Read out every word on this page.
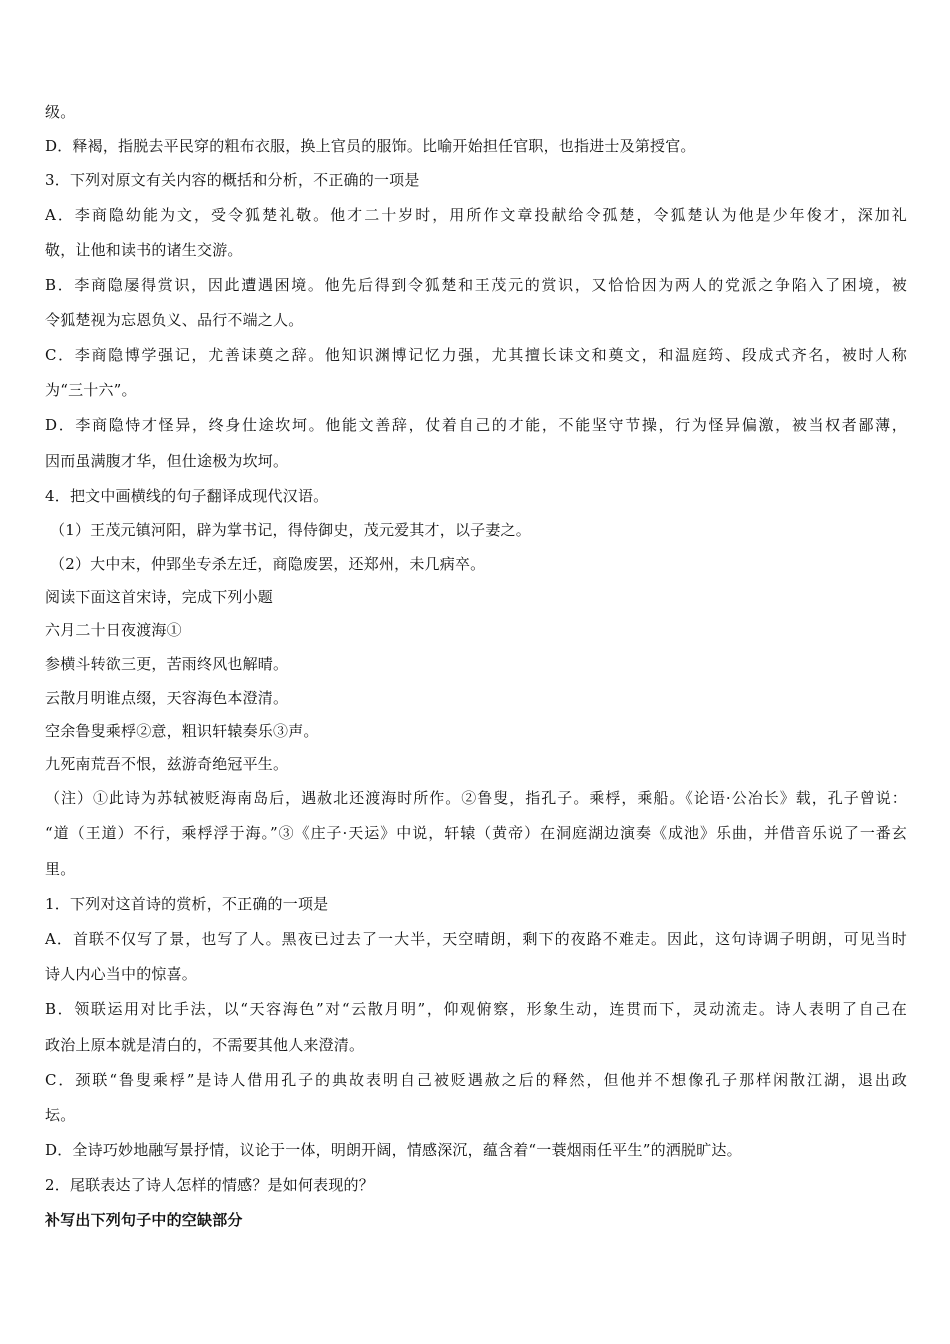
级。
D．释褐，指脱去平民穿的粗布衣服，换上官员的服饰。比喻开始担任官职，也指进士及第授官。
3．下列对原文有关内容的概括和分析，不正确的一项是
A．李商隐幼能为文，受令狐楚礼敬。他才二十岁时，用所作文章投献给令孤楚，令狐楚认为他是少年俊才，深加礼
敬，让他和读书的诸生交游。
B．李商隐屡得赏识，因此遭遇困境。他先后得到令狐楚和王茂元的赏识，又恰恰因为两人的党派之争陷入了困境，被
令狐楚视为忘恩负义、品行不端之人。
C．李商隐博学强记，尤善诔奠之辞。他知识渊博记忆力强，尤其擅长诔文和奠文，和温庭筠、段成式齐名，被时人称
为“三十六”。
D．李商隐恃才怪异，终身仕途坎坷。他能文善辞，仗着自己的才能，不能坚守节操，行为怪异偏激，被当权者鄙薄，
因而虽满腹才华，但仕途极为坎坷。
4．把文中画横线的句子翻译成现代汉语。
（1）王茂元镇河阳，辟为掌书记，得侍御史，茂元爱其才，以子妻之。
（2）大中末，仲郢坐专杀左迁，商隐废罢，还郑州，未几病卒。
阅读下面这首宋诗，完成下列小题
六月二十日夜渡海①
参横斗转欲三更，苦雨终风也解晴。
云散月明谁点缀，天容海色本澄清。
空余鲁叟乘桴②意，粗识轩辕奏乐③声。
九死南荒吾不恨，兹游奇绝冠平生。
（注）①此诗为苏轼被贬海南岛后，遇赦北还渡海时所作。②鲁叟，指孔子。乘桴，乘船。《论语·公冶长》载，孔子曾说：
“道（王道）不行，乘桴浮于海。”③《庄子·天运》中说，轩辕（黄帝）在洞庭湖边演奏《成池》乐曲，并借音乐说了一番玄
里。
1．下列对这首诗的赏析，不正确的一项是
A．首联不仅写了景，也写了人。黑夜已过去了一大半，天空晴朗，剩下的夜路不难走。因此，这句诗调子明朗，可见当时
诗人内心当中的惊喜。
B．领联运用对比手法，以“天容海色”对“云散月明”，仰观俯察，形象生动，连贯而下，灵动流走。诗人表明了自己在
政治上原本就是清白的，不需要其他人来澄清。
C．颈联“鲁叟乘桴”是诗人借用孔子的典故表明自己被贬遇赦之后的释然，但他并不想像孔子那样闲散江湖，退出政
坛。
D．全诗巧妙地融写景抒情，议论于一体，明朗开阔，情感深沉，蕴含着“一蓑烟雨任平生”的洒脱旷达。
2．尾联表达了诗人怎样的情感？是如何表现的？
补写出下列句子中的空缺部分
